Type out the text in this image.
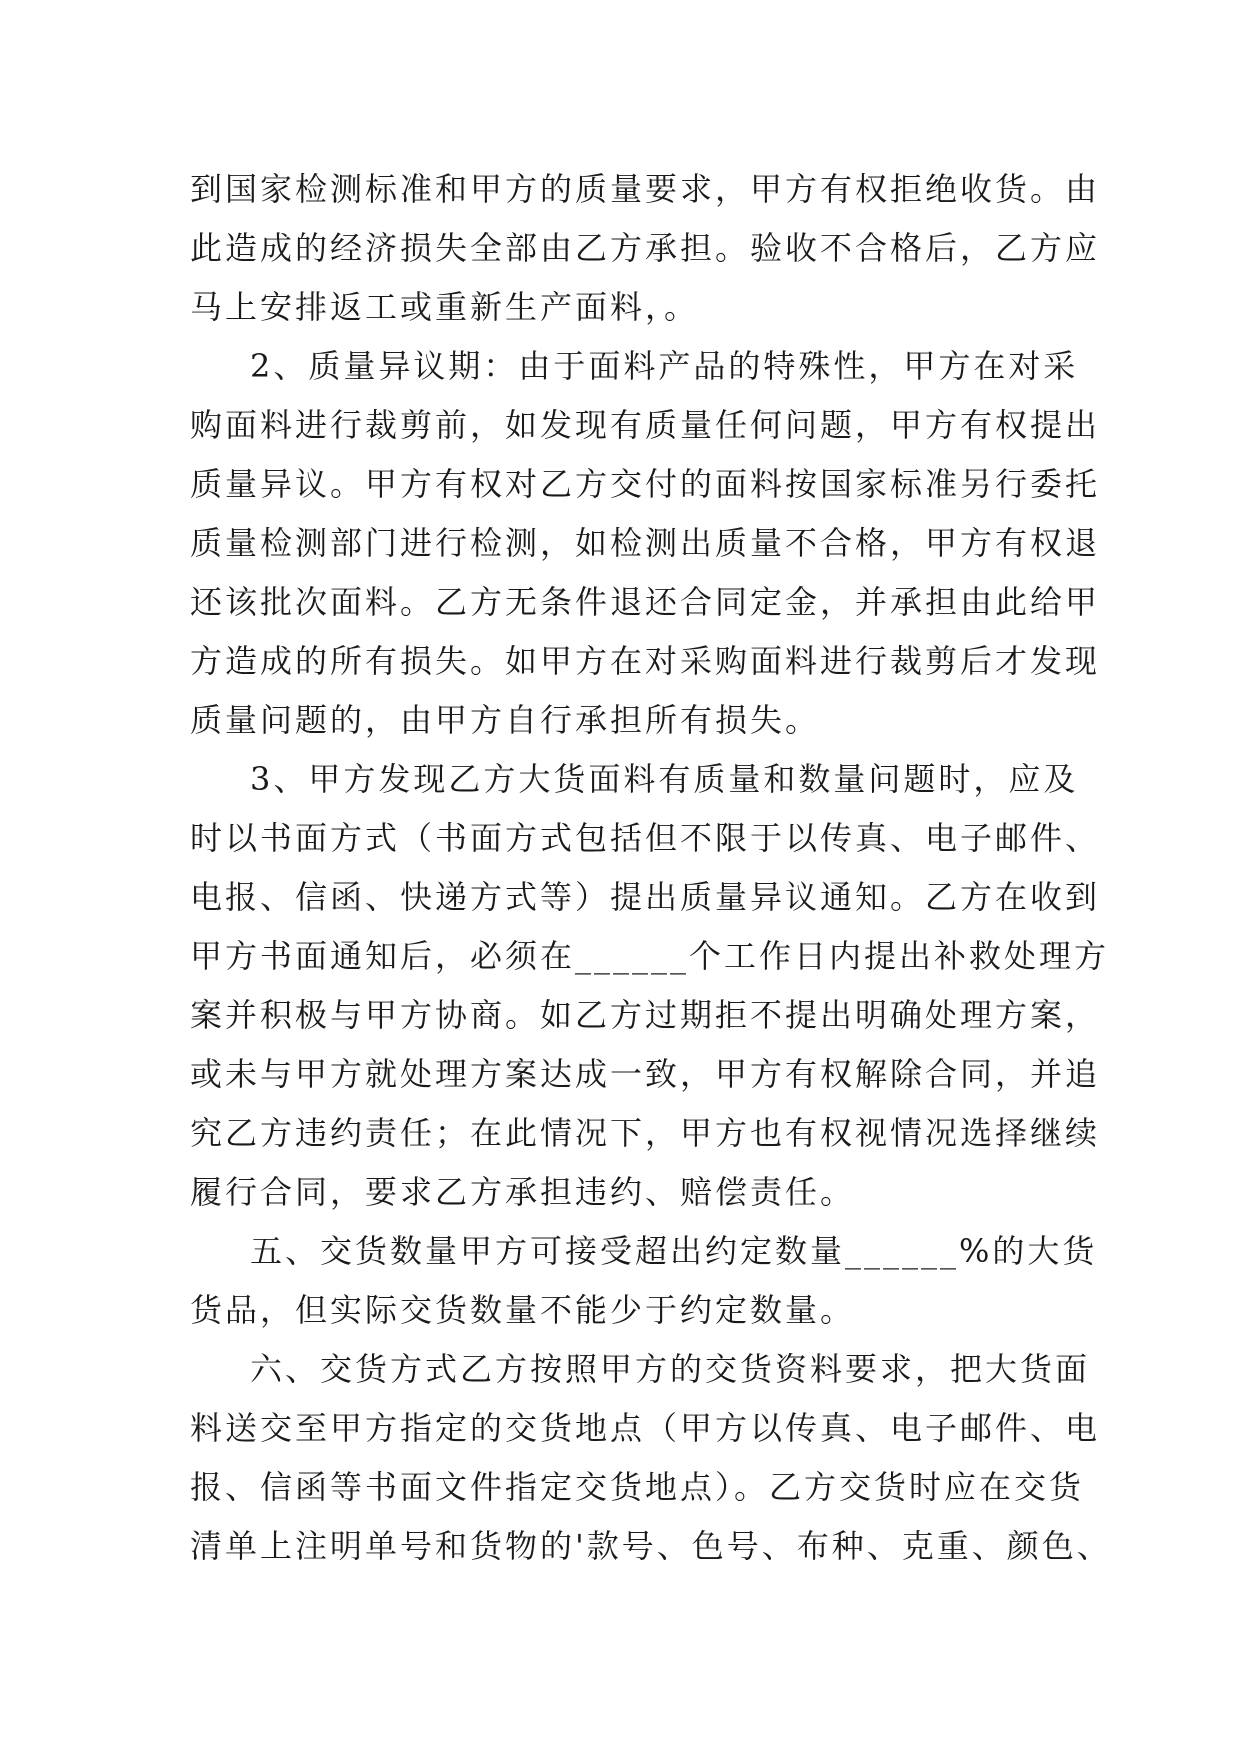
到国家检测标准和甲方的质量要求，甲方有权拒绝收货。由
此造成的经济损失全部由乙方承担。验收不合格后，乙方应
马上安排返工或重新生产面料，。
2、质量异议期：由于面料产品的特殊性，甲方在对采
购面料进行裁剪前，如发现有质量任何问题，甲方有权提出
质量异议。甲方有权对乙方交付的面料按国家标准另行委托
质量检测部门进行检测，如检测出质量不合格，甲方有权退
还该批次面料。乙方无条件退还合同定金，并承担由此给甲
方造成的所有损失。如甲方在对采购面料进行裁剪后才发现
质量问题的，由甲方自行承担所有损失。
3、甲方发现乙方大货面料有质量和数量问题时，应及
时以书面方式（书面方式包括但不限于以传真、电子邮件、
电报、信函、快递方式等）提出质量异议通知。乙方在收到
甲方书面通知后，必须在______个工作日内提出补救处理方
案并积极与甲方协商。如乙方过期拒不提出明确处理方案，
或未与甲方就处理方案达成一致，甲方有权解除合同，并追
究乙方违约责任；在此情况下，甲方也有权视情况选择继续
履行合同，要求乙方承担违约、赔偿责任。
五、交货数量甲方可接受超出约定数量______%的大货
货品，但实际交货数量不能少于约定数量。
六、交货方式乙方按照甲方的交货资料要求，把大货面
料送交至甲方指定的交货地点（甲方以传真、电子邮件、电
报、信函等书面文件指定交货地点）。乙方交货时应在交货
清单上注明单号和货物的'款号、色号、布种、克重、颜色、
